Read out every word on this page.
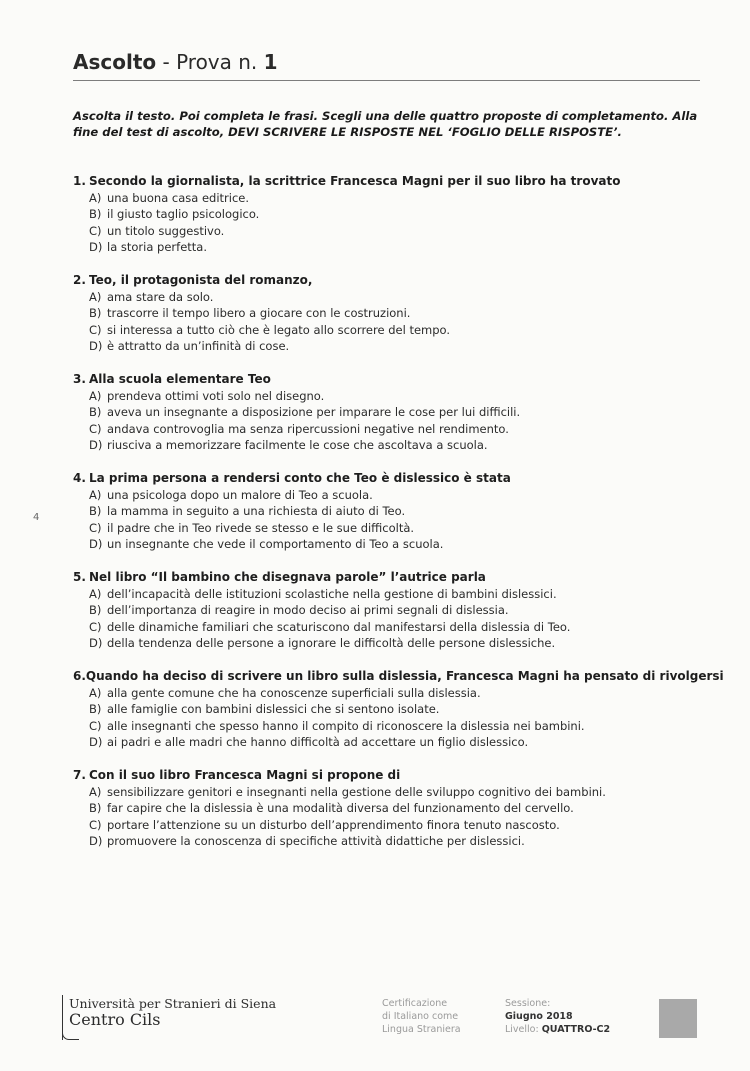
Ascolto - Prova n. 1
Ascolta il testo. Poi completa le frasi. Scegli una delle quattro proposte di completamento. Alla fine del test di ascolto, DEVI SCRIVERE LE RISPOSTE NEL ‘FOGLIO DELLE RISPOSTE’.
4
1. Secondo la giornalista, la scrittrice Francesca Magni per il suo libro ha trovato
A) una buona casa editrice.
B) il giusto taglio psicologico.
C) un titolo suggestivo.
D) la storia perfetta.
2. Teo, il protagonista del romanzo,
A) ama stare da solo.
B) trascorre il tempo libero a giocare con le costruzioni.
C) si interessa a tutto ciò che è legato allo scorrere del tempo.
D) è attratto da un’infinità di cose.
3. Alla scuola elementare Teo
A) prendeva ottimi voti solo nel disegno.
B) aveva un insegnante a disposizione per imparare le cose per lui difficili.
C) andava controvoglia ma senza ripercussioni negative nel rendimento.
D) riusciva a memorizzare facilmente le cose che ascoltava a scuola.
4. La prima persona a rendersi conto che Teo è dislessico è stata
A) una psicologa dopo un malore di Teo a scuola.
B) la mamma in seguito a una richiesta di aiuto di Teo.
C) il padre che in Teo rivede se stesso e le sue difficoltà.
D) un insegnante che vede il comportamento di Teo a scuola.
5. Nel libro “Il bambino che disegnava parole” l’autrice parla
A) dell’incapacità delle istituzioni scolastiche nella gestione di bambini dislessici.
B) dell’importanza di reagire in modo deciso ai primi segnali di dislessia.
C) delle dinamiche familiari che scaturiscono dal manifestarsi della dislessia di Teo.
D) della tendenza delle persone a ignorare le difficoltà delle persone dislessiche.
6. Quando ha deciso di scrivere un libro sulla dislessia, Francesca Magni ha pensato di rivolgersi
A) alla gente comune che ha conoscenze superficiali sulla dislessia.
B) alle famiglie con bambini dislessici che si sentono isolate.
C) alle insegnanti che spesso hanno il compito di riconoscere la dislessia nei bambini.
D) ai padri e alle madri che hanno difficoltà ad accettare un figlio dislessico.
7. Con il suo libro Francesca Magni si propone di
A) sensibilizzare genitori e insegnanti nella gestione delle sviluppo cognitivo dei bambini.
B) far capire che la dislessia è una modalità diversa del funzionamento del cervello.
C) portare l’attenzione su un disturbo dell’apprendimento finora tenuto nascosto.
D) promuovere la conoscenza di specifiche attività didattiche per dislessici.
Università per Stranieri di Siena
Centro Cils
Certificazione
di Italiano come
Lingua Straniera
Sessione:
Giugno 2018
Livello: QUATTRO-C2
